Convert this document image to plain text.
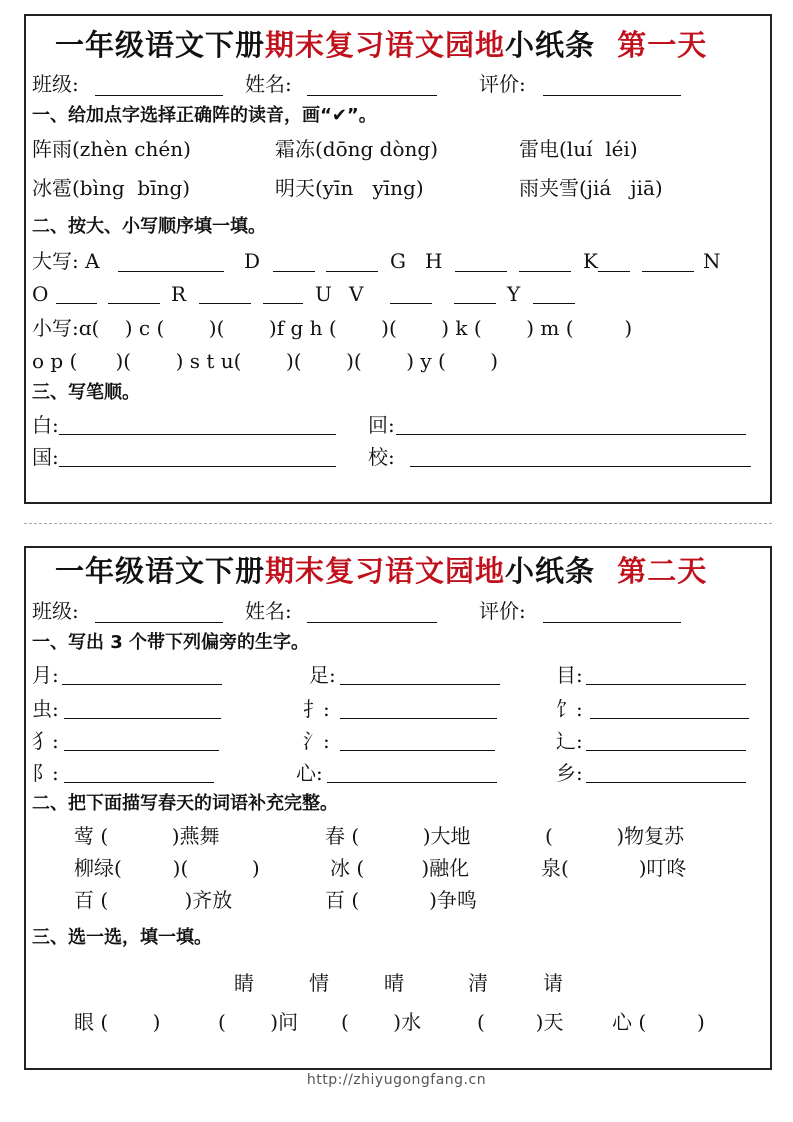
一年级语文下册期末复习语文园地小纸条 第一天
班级:	姓名:	评价:
一、给加点字选择正确阵的读音，画“✔”。
阵雨(zhèn chén)	霜冻(dōng dòng)	雷电(luí  léi)
冰雹(bìng  bīng)	明天(yīn   yīng)	雨夹雪(jiá   jiā)
二、按大、小写顺序填一填。
大写: A	D	G H	K	N
O	R	U V	Y
小写:ɑ(    ) c (       )(       )f g h (       )(       ) k (       ) m (        )
o p (      )(       ) s t u(       )(       )(       ) y (       )
三、写笔顺。
白:	回:
国:	校:
一年级语文下册期末复习语文园地小纸条 第二天
班级:	姓名:	评价:
一、写出 3 个带下列偏旁的生字。
月:	足:	目:
虫:	扌:	饣:
犭:	氵:	辶:
阝:	心:	乡:
二、把下面描写春天的词语补充完整。
莺 (          )燕舞	春 (          )大地	(          )物复苏
柳绿(        )(          )	冰 (         )融化	泉(           )叮咚
百 (            )齐放	百 (           )争鸣
三、选一选，填一填。
睛	情	晴	清	请
眼 (       )	(       )问 (       )水	(        )天 心 (        )
http://zhiyugongfang.cn
